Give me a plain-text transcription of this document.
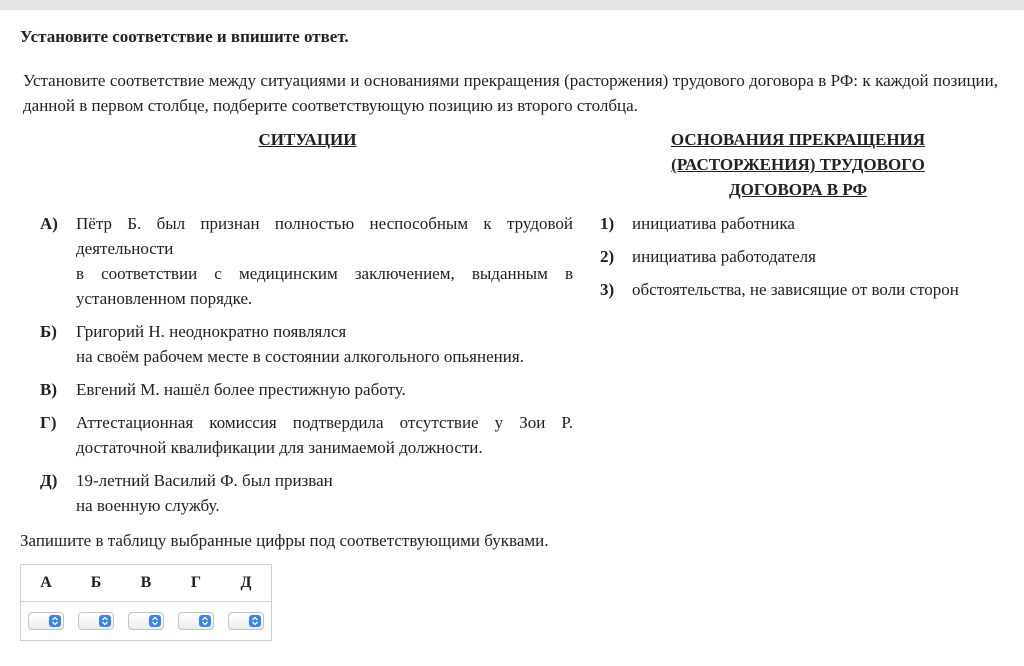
Установите соответствие и впишите ответ.
Установите соответствие между ситуациями и основаниями прекращения (расторжения) трудового договора в РФ: к каждой позиции, данной в первом столбце, подберите соответствующую позицию из второго столбца.
СИТУАЦИИ	ОСНОВАНИЯ ПРЕКРАЩЕНИЯ
(РАСТОРЖЕНИЯ) ТРУДОВОГО
ДОГОВОРА В РФ
А)	Пётр Б. был признан полностью неспособным к трудовой деятельности
в соответствии с медицинским заключением, выданным в установленном порядке.
Б)	Григорий Н. неоднократно появлялся
на своём рабочем месте в состоянии алкогольного опьянения.
В)	Евгений М. нашёл более престижную работу.
Г)	Аттестационная комиссия подтвердила отсутствие у Зои Р. достаточной квалификации для занимаемой должности.
Д)	19-летний Василий Ф. был призван
на военную службу.
1)	инициатива работника
2)	инициатива работодателя
3)	обстоятельства, не зависящие от воли сторон
Запишите в таблицу выбранные цифры под соответствующими буквами.
А	Б	В	Г	Д
